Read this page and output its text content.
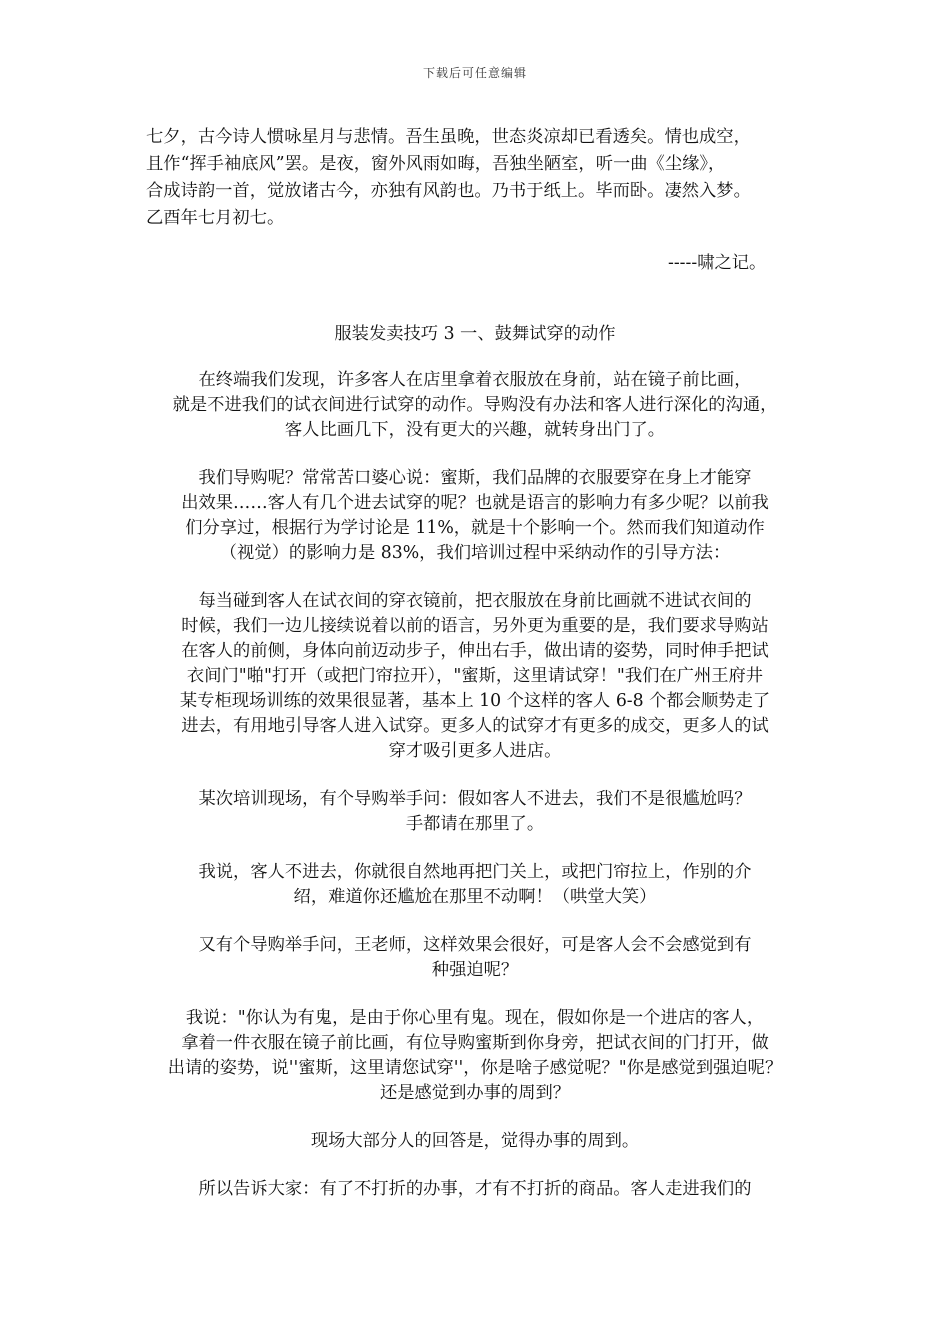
下载后可任意编辑
七夕，古今诗人惯咏星月与悲情。吾生虽晚，世态炎凉却已看透矣。情也成空，
且作“挥手袖底风”罢。是夜，窗外风雨如晦，吾独坐陋室，听一曲《尘缘》，
合成诗韵一首，觉放诸古今，亦独有风韵也。乃书于纸上。毕而卧。凄然入梦。
乙酉年七月初七。
-----啸之记。
服装发卖技巧 3 一、鼓舞试穿的动作

在终端我们发现，许多客人在店里拿着衣服放在身前，站在镜子前比画，
就是不进我们的试衣间进行试穿的动作。导购没有办法和客人进行深化的沟通，
客人比画几下，没有更大的兴趣，就转身出门了。

我们导购呢？常常苦口婆心说：蜜斯，我们品牌的衣服要穿在身上才能穿
出效果……客人有几个进去试穿的呢？也就是语言的影响力有多少呢？以前我
们分享过，根据行为学讨论是 11%，就是十个影响一个。然而我们知道动作
（视觉）的影响力是 83%，我们培训过程中采纳动作的引导方法：

每当碰到客人在试衣间的穿衣镜前，把衣服放在身前比画就不进试衣间的
时候，我们一边儿接续说着以前的语言，另外更为重要的是，我们要求导购站
在客人的前侧，身体向前迈动步子，伸出右手，做出请的姿势，同时伸手把试
衣间门"啪"打开（或把门帘拉开），"蜜斯，这里请试穿！"我们在广州王府井
某专柜现场训练的效果很显著，基本上 10 个这样的客人 6-8 个都会顺势走了
进去，有用地引导客人进入试穿。更多人的试穿才有更多的成交，更多人的试
穿才吸引更多人进店。

某次培训现场，有个导购举手问：假如客人不进去，我们不是很尴尬吗？
手都请在那里了。

我说，客人不进去，你就很自然地再把门关上，或把门帘拉上，作别的介
绍，难道你还尴尬在那里不动啊！（哄堂大笑）

又有个导购举手问，王老师，这样效果会很好，可是客人会不会感觉到有
种强迫呢？

我说："你认为有鬼，是由于你心里有鬼。现在，假如你是一个进店的客人，
拿着一件衣服在镜子前比画，有位导购蜜斯到你身旁，把试衣间的门打开，做
出请的姿势，说''蜜斯，这里请您试穿''，你是啥子感觉呢？"你是感觉到强迫呢？
还是感觉到办事的周到？

现场大部分人的回答是，觉得办事的周到。

所以告诉大家：有了不打折的办事，才有不打折的商品。客人走进我们的
